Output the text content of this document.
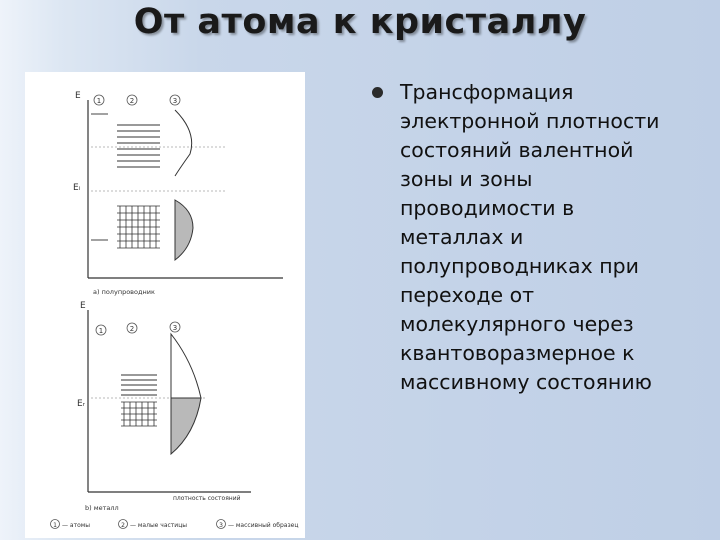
От атома к кристаллу
E
Eᵢ
1	2	3
a) полупроводник
E
Eᵣ
1	2	3
плотность состояний
b) металл
1 — атомы	2 — малые частицы	3 — массивный образец
Трансформация
электронной плотности
состояний валентной
зоны и зоны
проводимости в
металлах и
полупроводниках при
переходе от
молекулярного через
квантоворазмерное к
массивному состоянию
